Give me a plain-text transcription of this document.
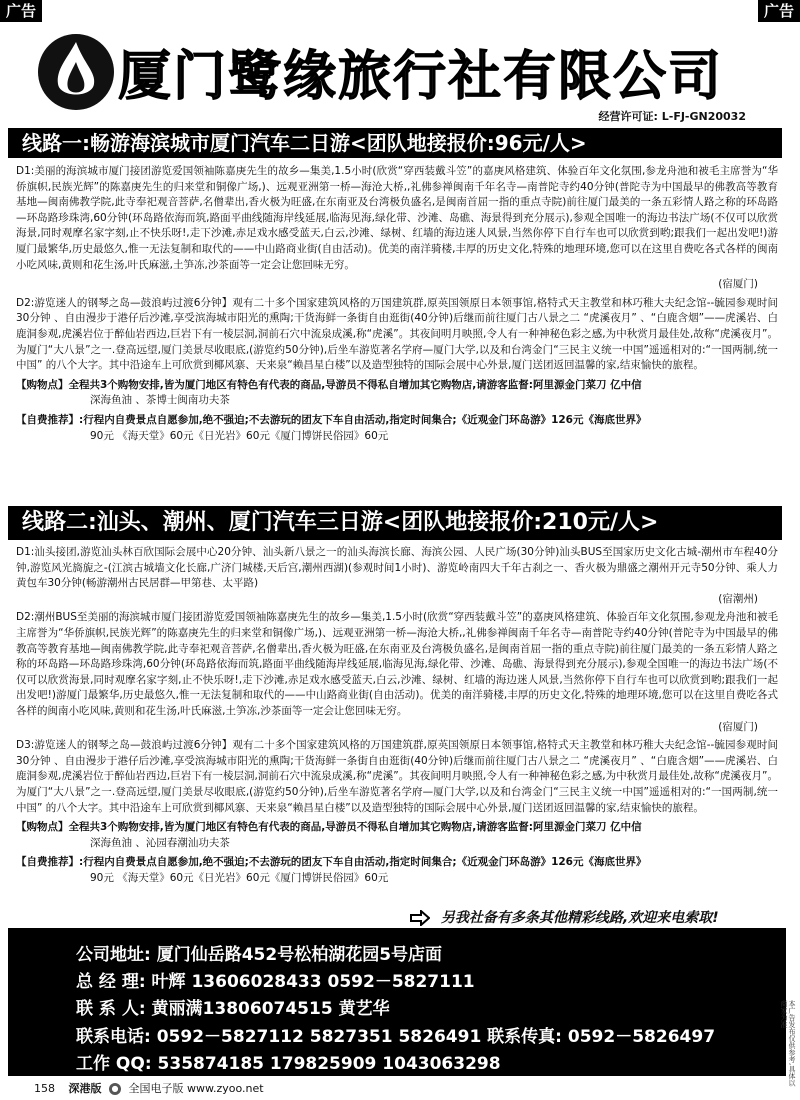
广告	广告
厦门鹭缘旅行社有限公司
经营许可证: L-FJ-GN20032
线路一:畅游海滨城市厦门汽车二日游<团队地接报价:96元/人>

D1:美丽的海滨城市厦门接团游览爱国领袖陈嘉庚先生的故乡—集美,1.5小时(欣赏“穿西装戴斗笠”的嘉庚风格建筑、体验百年文化氛围,参龙舟池和被毛主席誉为“华侨旗帜,民族光辉”的陈嘉庚先生的归来堂和铜像广场,)、远观亚洲第一桥—海沧大桥,,礼佛参禅闽南千年名寺—南普陀寺约40分钟(普陀寺为中国最早的佛教高等教育基地—闽南佛教学院,此寺奉祀观音菩萨,名僧辈出,香火极为旺盛,在东南亚及台湾极负盛名,是闽南首屈一指的重点寺院)前往厦门最美的一条五彩情人路之称的环岛路—环岛路珍珠湾,60分钟(环岛路依海而筑,路面平曲线随海岸线延展,临海见海,绿化带、沙滩、岛礁、海景得到充分展示),参观全国唯一的海边书法广场(不仅可以欣赏海景,同时观摩名家字刻,止不快乐呀!,走下沙滩,赤足戏水感受蓝天,白云,沙滩、绿树、红墙的海边迷人风景,当然你停下自行车也可以欣赏到哟;跟我们一起出发吧!)游厦门最繁华,历史最悠久,惟一无法复制和取代的——中山路商业街(自由活动)。优美的南洋骑楼,丰厚的历史文化,特殊的地理环境,您可以在这里自费吃各式各样的闽南小吃风味,黄则和花生汤,叶氏麻滋,土笋冻,沙茶面等一定会让您回味无穷。

(宿厦门)

D2:游览迷人的钢琴之岛—鼓浪屿过渡6分钟】观有二十多个国家建筑风格的万国建筑群,原英国领原日本领事馆,格特式天主教堂和林巧稚大夫纪念馆--毓园参观时间30分钟 、自由漫步于港仔后沙滩,享受滨海城市阳光的熏陶;干货海鲜一条街自由逛街(40分钟)后继而前往厦门古八景之二 “虎溪夜月” 、“白鹿含烟”——虎溪岩、白鹿洞参观,虎溪岩位于醉仙岩西边,巨岩下有一棱层洞,洞前石穴中流泉成溪,称“虎溪”。其夜间明月映照,令人有一种神秘色彩之感,为中秋赏月最佳处,故称“虎溪夜月”。为厦门“大八景”之一.登高远望,厦门美景尽收眼底,(游览约50分钟),后坐车游览著名学府—厦门大学,以及和台湾金门“三民主义统一中国”遥遥相对的:“一国两制,统一中国” 的八个大字。其中沿途车上可欣赏到椰风寨、天来泉“赖昌星白楼”以及造型独特的国际会展中心外景,厦门送团返回温馨的家,结束愉快的旅程。

【购物点】全程共3个购物安排,皆为厦门地区有特色有代表的商品,导游员不得私自增加其它购物店,请游客监督:阿里源金门菜刀 亿中信

深海鱼油 、茶博士闽南功夫茶

【自费推荐】:行程内自费景点自愿参加,绝不强迫;不去游玩的团友下车自由活动,指定时间集合;《近观金门环岛游》126元《海底世界》

90元 《海天堂》60元《日光岩》60元《厦门博饼民俗园》60元

线路二:汕头、潮州、厦门汽车三日游<团队地接报价:210元/人>

D1:汕头接团,游览汕头林百欣国际会展中心20分钟、汕头新八景之一的汕头海滨长廊、海滨公园、人民广场(30分钟)汕头BUS至国家历史文化古城-潮州市车程40分钟,游览风光旖旎之-(江滨古城墙文化长廊,广济门城楼,天后宫,潮州西湖)(参观时间1小时)、游览岭南四大千年古刹之一、香火极为鼎盛之潮州开元寺50分钟、乘人力黄包车30分钟(畅游潮州古民居群—甲第巷、太平路)

(宿潮州)

D2:潮州BUS至美丽的海滨城市厦门接团游览爱国领袖陈嘉庚先生的故乡—集美,1.5小时(欣赏“穿西装戴斗笠”的嘉庚风格建筑、体验百年文化氛围,参观龙舟池和被毛主席誉为“华侨旗帜,民族光辉”的陈嘉庚先生的归来堂和铜像广场,)、远观亚洲第一桥—海沧大桥,,礼佛参禅闽南千年名寺—南普陀寺约40分钟(普陀寺为中国最早的佛教高等教育基地—闽南佛教学院,此寺奉祀观音菩萨,名僧辈出,香火极为旺盛,在东南亚及台湾极负盛名,是闽南首屈一指的重点寺院)前往厦门最美的一条五彩情人路之称的环岛路—环岛路珍珠湾,60分钟(环岛路依海而筑,路面平曲线随海岸线延展,临海见海,绿化带、沙滩、岛礁、海景得到充分展示),参观全国唯一的海边书法广场(不仅可以欣赏海景,同时观摩名家字刻,止不快乐呀!,走下沙滩,赤足戏水感受蓝天,白云,沙滩、绿树、红墙的海边迷人风景,当然你停下自行车也可以欣赏到哟;跟我们一起出发吧!)游厦门最繁华,历史最悠久,惟一无法复制和取代的——中山路商业街(自由活动)。优美的南洋骑楼,丰厚的历史文化,特殊的地理环境,您可以在这里自费吃各式各样的闽南小吃风味,黄则和花生汤,叶氏麻滋,土笋冻,沙茶面等一定会让您回味无穷。

(宿厦门)

D3:游览迷人的钢琴之岛—鼓浪屿过渡6分钟】观有二十多个国家建筑风格的万国建筑群,原英国领原日本领事馆,格特式天主教堂和林巧稚大夫纪念馆--毓园参观时间30分钟 、自由漫步于港仔后沙滩,享受滨海城市阳光的熏陶;干货海鲜一条街自由逛街(40分钟)后继而前往厦门古八景之二 “虎溪夜月” 、“白鹿含烟”——虎溪岩、白鹿洞参观,虎溪岩位于醉仙岩西边,巨岩下有一棱层洞,洞前石穴中流泉成溪,称“虎溪”。其夜间明月映照,令人有一种神秘色彩之感,为中秋赏月最佳处,故称“虎溪夜月”。为厦门“大八景”之一.登高远望,厦门美景尽收眼底,(游览约50分钟),后坐车游览著名学府—厦门大学,以及和台湾金门“三民主义统一中国”遥遥相对的:“一国两制,统一中国” 的八个大字。其中沿途车上可欣赏到椰风寨、天来泉“赖昌星白楼”以及造型独特的国际会展中心外景,厦门送团返回温馨的家,结束愉快的旅程。

【购物点】全程共3个购物安排,皆为厦门地区有特色有代表的商品,导游员不得私自增加其它购物店,请游客监督:阿里源金门菜刀 亿中信

深海鱼油 、沁园春潮汕功夫茶

【自费推荐】:行程内自费景点自愿参加,绝不强迫;不去游玩的团友下车自由活动,指定时间集合;《近观金门环岛游》126元《海底世界》

90元 《海天堂》60元《日光岩》60元《厦门博饼民俗园》60元

另我社备有多条其他精彩线路,欢迎来电索取!
公司地址: 厦门仙岳路452号松柏湖花园5号店面
总 经 理: 叶辉 13606028433 0592－5827111
联 系 人: 黄丽满13806074515 黄艺华
联系电话: 0592－5827112 5827351 5826491 联系传真: 0592－5826497
工作 QQ: 535874185 179825909 1043063298	本广告发布仅供参考,具体以商家为准
158 深港版 ● 全国电子版 www.zyoo.net
